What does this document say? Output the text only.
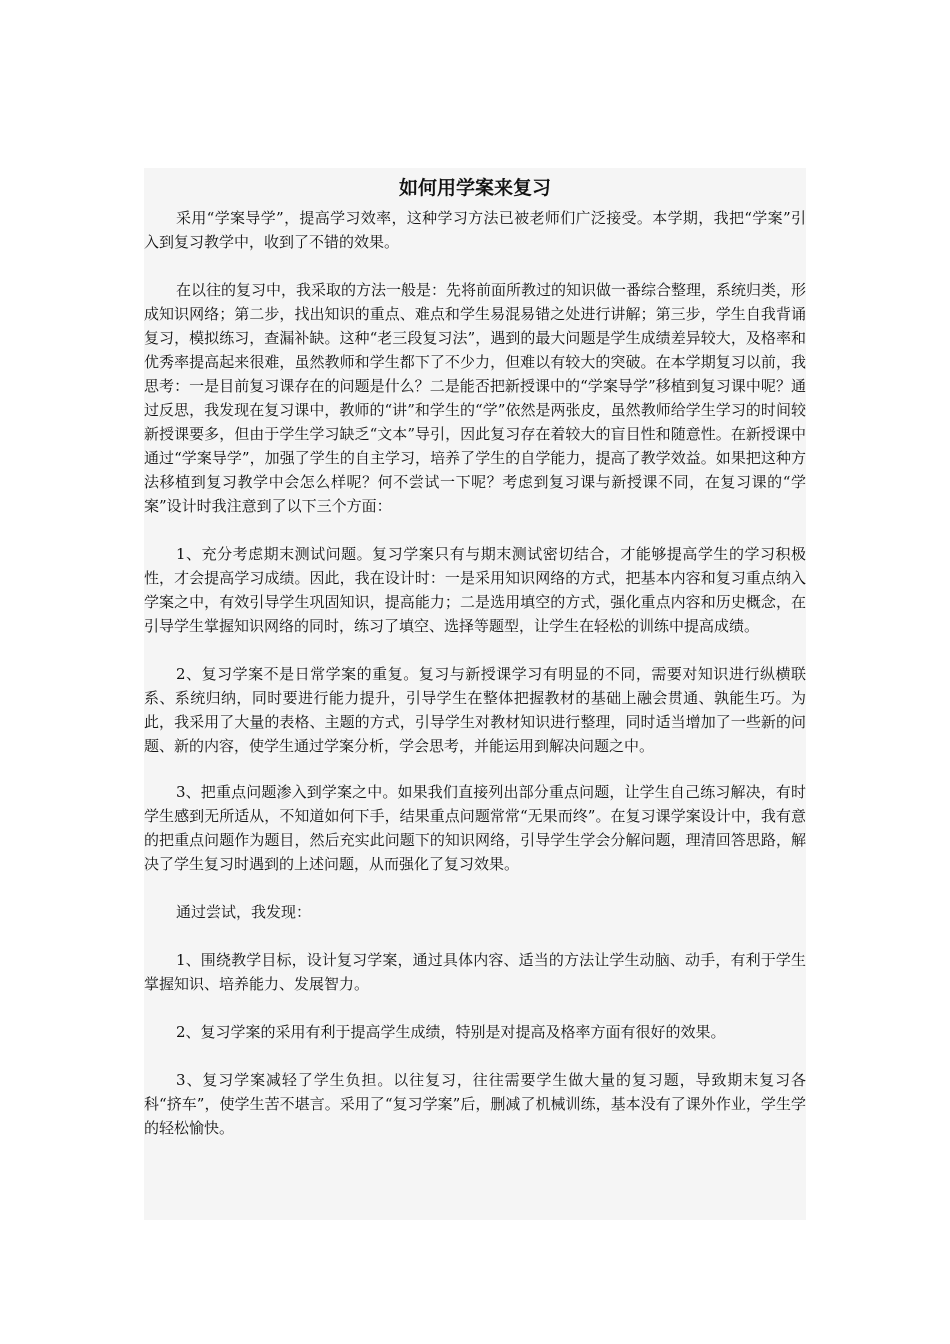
如何用学案来复习

采用“学案导学”，提高学习效率，这种学习方法已被老师们广泛接受。本学期，我把“学案”引入到复习教学中，收到了不错的效果。

在以往的复习中，我采取的方法一般是：先将前面所教过的知识做一番综合整理，系统归类，形成知识网络；第二步，找出知识的重点、难点和学生易混易错之处进行讲解；第三步，学生自我背诵复习，模拟练习，查漏补缺。这种“老三段复习法”，遇到的最大问题是学生成绩差异较大，及格率和优秀率提高起来很难，虽然教师和学生都下了不少力，但难以有较大的突破。在本学期复习以前，我思考：一是目前复习课存在的问题是什么？二是能否把新授课中的“学案导学”移植到复习课中呢？通过反思，我发现在复习课中，教师的“讲”和学生的“学”依然是两张皮，虽然教师给学生学习的时间较新授课要多，但由于学生学习缺乏“文本”导引，因此复习存在着较大的盲目性和随意性。在新授课中通过“学案导学”，加强了学生的自主学习，培养了学生的自学能力，提高了教学效益。如果把这种方法移植到复习教学中会怎么样呢？何不尝试一下呢？考虑到复习课与新授课不同，在复习课的“学案”设计时我注意到了以下三个方面：

1、充分考虑期末测试问题。复习学案只有与期末测试密切结合，才能够提高学生的学习积极性，才会提高学习成绩。因此，我在设计时：一是采用知识网络的方式，把基本内容和复习重点纳入学案之中，有效引导学生巩固知识，提高能力；二是选用填空的方式，强化重点内容和历史概念，在引导学生掌握知识网络的同时，练习了填空、选择等题型，让学生在轻松的训练中提高成绩。

2、复习学案不是日常学案的重复。复习与新授课学习有明显的不同，需要对知识进行纵横联系、系统归纳，同时要进行能力提升，引导学生在整体把握教材的基础上融会贯通、孰能生巧。为此，我采用了大量的表格、主题的方式，引导学生对教材知识进行整理，同时适当增加了一些新的问题、新的内容，使学生通过学案分析，学会思考，并能运用到解决问题之中。

3、把重点问题渗入到学案之中。如果我们直接列出部分重点问题，让学生自己练习解决，有时学生感到无所适从，不知道如何下手，结果重点问题常常“无果而终”。在复习课学案设计中，我有意的把重点问题作为题目，然后充实此问题下的知识网络，引导学生学会分解问题，理清回答思路，解决了学生复习时遇到的上述问题，从而强化了复习效果。

通过尝试，我发现：

1、围绕教学目标，设计复习学案，通过具体内容、适当的方法让学生动脑、动手，有利于学生掌握知识、培养能力、发展智力。

2、复习学案的采用有利于提高学生成绩，特别是对提高及格率方面有很好的效果。

3、复习学案减轻了学生负担。以往复习，往往需要学生做大量的复习题，导致期末复习各科“挤车”，使学生苦不堪言。采用了“复习学案”后，删减了机械训练，基本没有了课外作业，学生学的轻松愉快。
